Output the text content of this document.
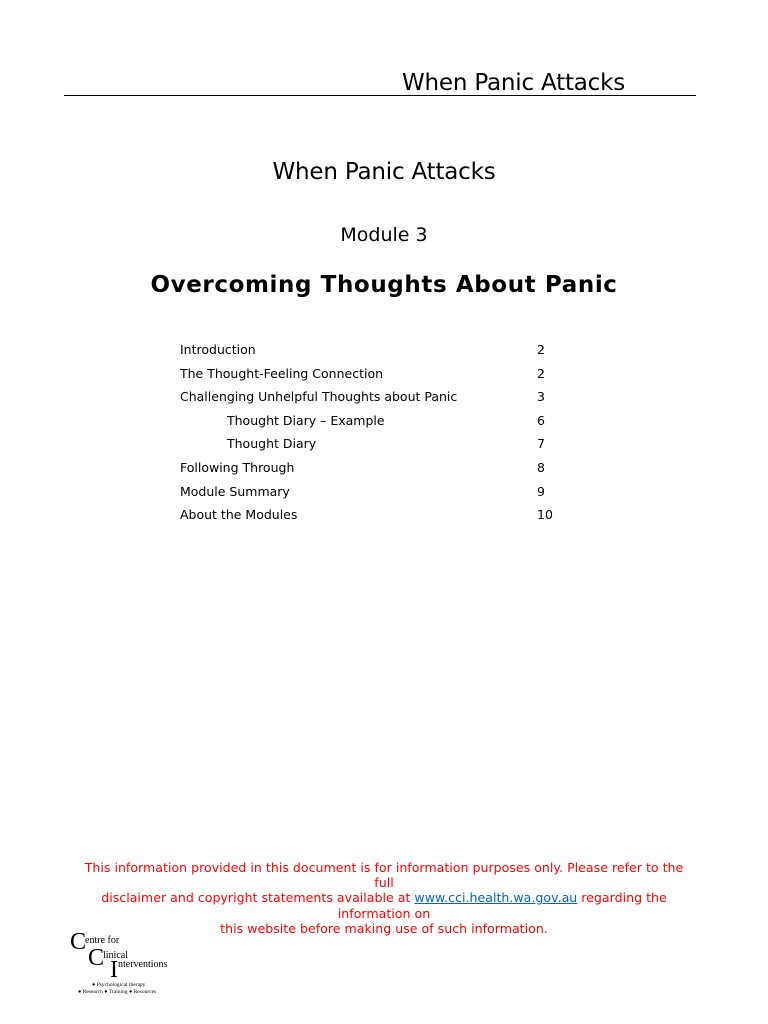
When Panic Attacks
When Panic Attacks
Module 3
Overcoming Thoughts About Panic
Introduction	2
The Thought-Feeling Connection	2
Challenging Unhelpful Thoughts about Panic	3
Thought Diary – Example	6
Thought Diary	7
Following Through	8
Module Summary	9
About the Modules	10
This information provided in this document is for information purposes only. Please refer to the full
disclaimer and copyright statements available at www.cci.health.wa.gov.au regarding the information on
this website before making use of such information.
C
entre for
C
linical
I nterventions
● Psychological therapy
● Research ● Training ● Resources
